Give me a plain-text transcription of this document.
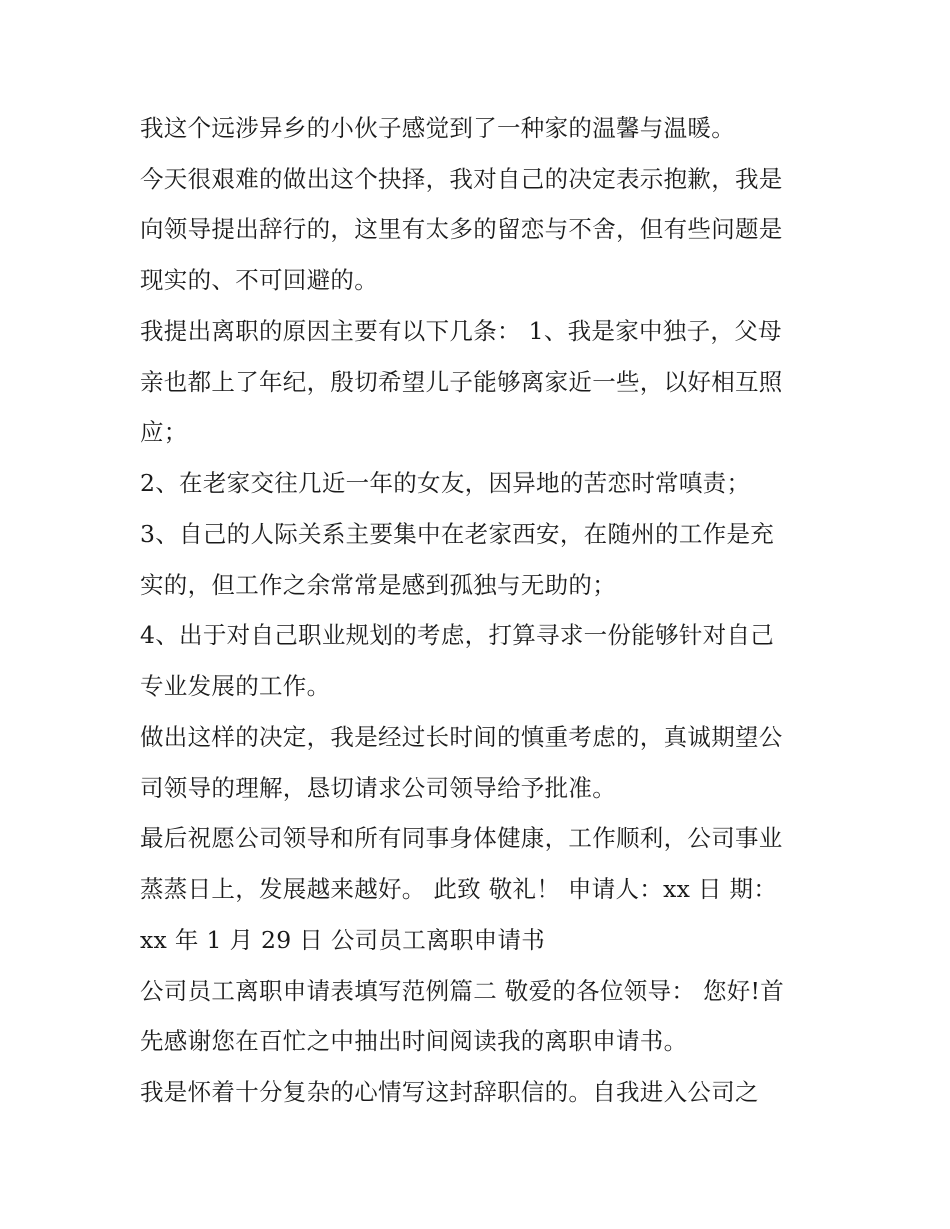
我这个远涉异乡的小伙子感觉到了一种家的温馨与温暖。
今天很艰难的做出这个抉择，我对自己的决定表示抱歉，我是
向领导提出辞行的，这里有太多的留恋与不舍，但有些问题是
现实的、不可回避的。
我提出离职的原因主要有以下几条： 1、我是家中独子，父母
亲也都上了年纪，殷切希望儿子能够离家近一些，以好相互照
应；
2、在老家交往几近一年的女友，因异地的苦恋时常嗔责；
3、自己的人际关系主要集中在老家西安，在随州的工作是充
实的，但工作之余常常是感到孤独与无助的；
4、出于对自己职业规划的考虑，打算寻求一份能够针对自己
专业发展的工作。
做出这样的决定，我是经过长时间的慎重考虑的，真诚期望公
司领导的理解，恳切请求公司领导给予批准。
最后祝愿公司领导和所有同事身体健康，工作顺利，公司事业
蒸蒸日上，发展越来越好。 此致 敬礼！ 申请人：xx 日 期：
xx 年 1 月 29 日 公司员工离职申请书
公司员工离职申请表填写范例篇二 敬爱的各位领导： 您好!首
先感谢您在百忙之中抽出时间阅读我的离职申请书。
我是怀着十分复杂的心情写这封辞职信的。自我进入公司之
